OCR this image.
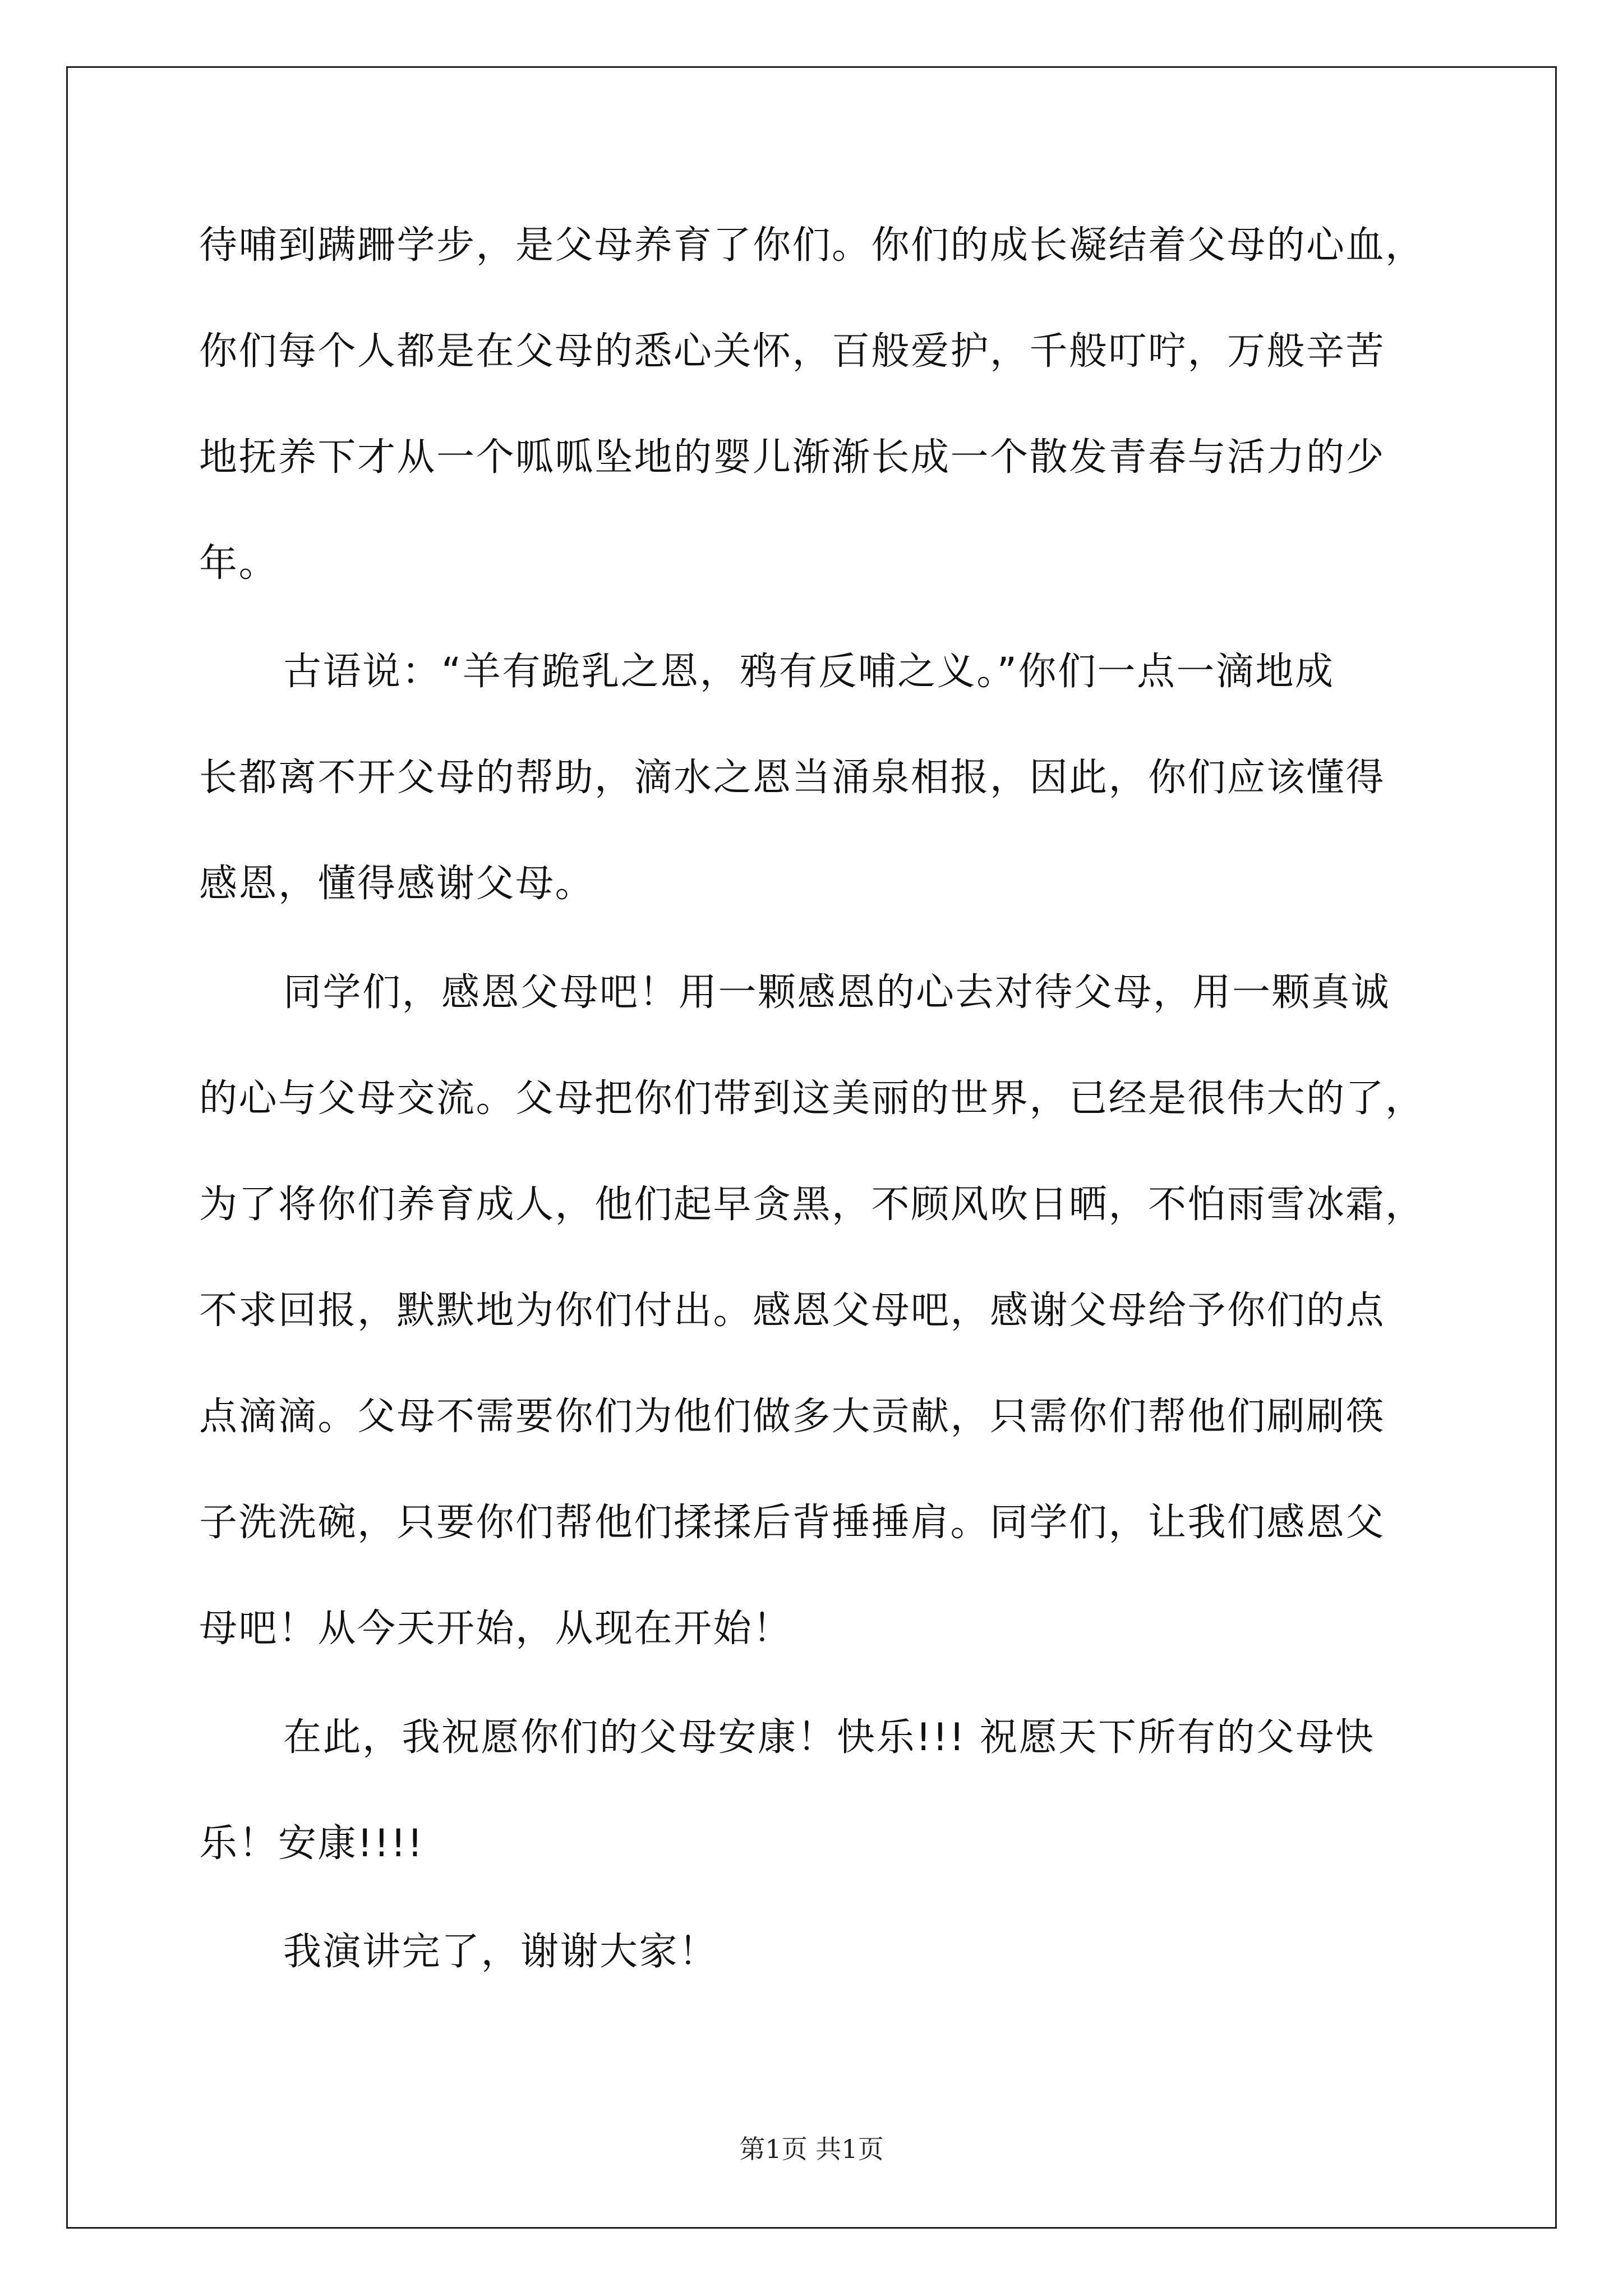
待哺到蹒跚学步，是父母养育了你们。你们的成长凝结着父母的心血，
你们每个人都是在父母的悉心关怀，百般爱护，千般叮咛，万般辛苦
地抚养下才从一个呱呱坠地的婴儿渐渐长成一个散发青春与活力的少
年。
古语说：“羊有跪乳之恩，鸦有反哺之义。”你们一点一滴地成
长都离不开父母的帮助，滴水之恩当涌泉相报，因此，你们应该懂得
感恩，懂得感谢父母。
同学们，感恩父母吧！用一颗感恩的心去对待父母，用一颗真诚
的心与父母交流。父母把你们带到这美丽的世界，已经是很伟大的了，
为了将你们养育成人，他们起早贪黑，不顾风吹日晒，不怕雨雪冰霜，
不求回报，默默地为你们付出。感恩父母吧，感谢父母给予你们的点
点滴滴。父母不需要你们为他们做多大贡献，只需你们帮他们刷刷筷
子洗洗碗，只要你们帮他们揉揉后背捶捶肩。同学们，让我们感恩父
母吧！从今天开始，从现在开始！
在此，我祝愿你们的父母安康！快乐!!! 祝愿天下所有的父母快
乐！安康!!!!
我演讲完了，谢谢大家！
第1页 共1页
